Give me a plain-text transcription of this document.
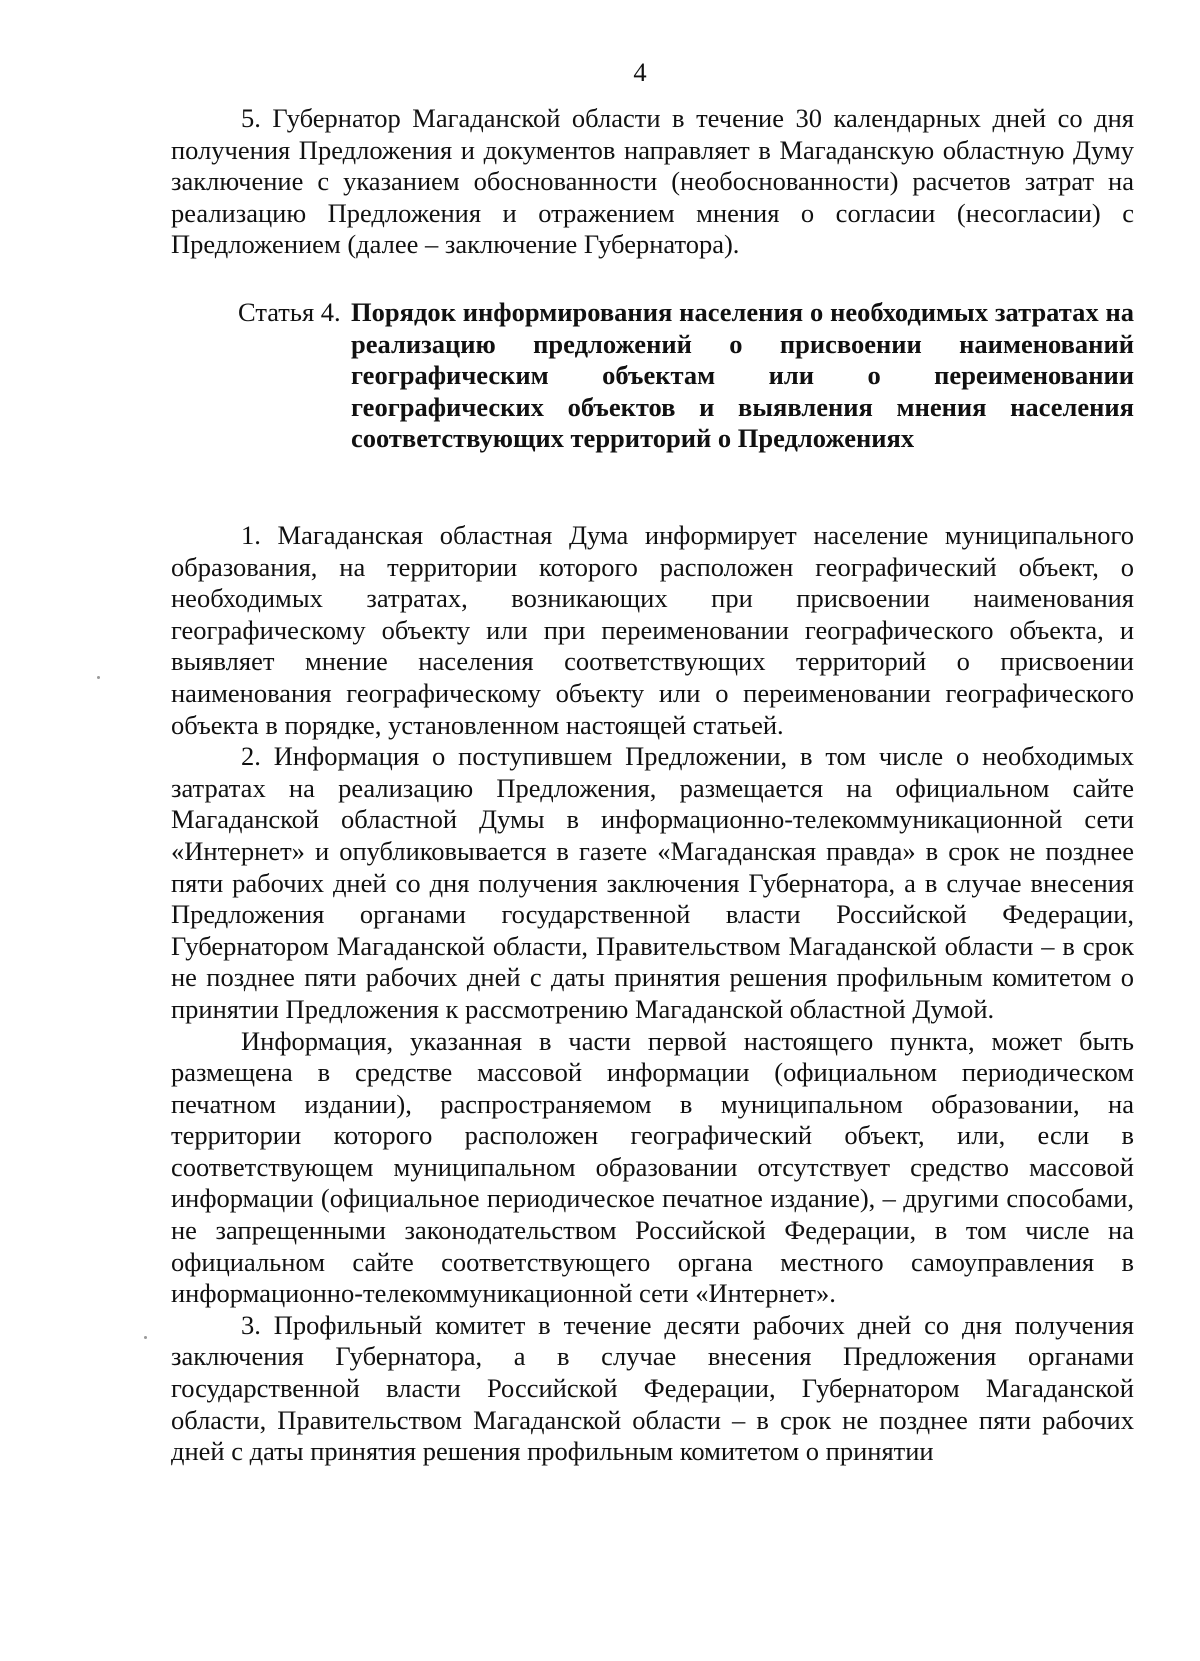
4

5. Губернатор Магаданской области в течение 30 календарных дней со дня получения Предложения и документов направляет в Магаданскую областную Думу заключение с указанием обоснованности (необоснованности) расчетов затрат на реализацию Предложения и отражением мнения о согласии (несогласии) с Предложением (далее – заключение Губернатора).

Статья 4. Порядок информирования населения о необходимых затратах на реализацию предложений о присвоении наименований географическим объектам или о переименовании географических объектов и выявления мнения населения соответствующих территорий о Предложениях

1. Магаданская областная Дума информирует население муниципального образования, на территории которого расположен географический объект, о необходимых затратах, возникающих при присвоении наименования географическому объекту или при переименовании географического объекта, и выявляет мнение населения соответствующих территорий о присвоении наименования географическому объекту или о переименовании географического объекта в порядке, установленном настоящей статьей.

2. Информация о поступившем Предложении, в том числе о необходимых затратах на реализацию Предложения, размещается на официальном сайте Магаданской областной Думы в информационно-телекоммуникационной сети «Интернет» и опубликовывается в газете «Магаданская правда» в срок не позднее пяти рабочих дней со дня получения заключения Губернатора, а в случае внесения Предложения органами государственной власти Российской Федерации, Губернатором Магаданской области, Правительством Магаданской области – в срок не позднее пяти рабочих дней с даты принятия решения профильным комитетом о принятии Предложения к рассмотрению Магаданской областной Думой.

Информация, указанная в части первой настоящего пункта, может быть размещена в средстве массовой информации (официальном периодическом печатном издании), распространяемом в муниципальном образовании, на территории которого расположен географический объект, или, если в соответствующем муниципальном образовании отсутствует средство массовой информации (официальное периодическое печатное издание), – другими способами, не запрещенными законодательством Российской Федерации, в том числе на официальном сайте соответствующего органа местного самоуправления в информационно-телекоммуникационной сети «Интернет».

3. Профильный комитет в течение десяти рабочих дней со дня получения заключения Губернатора, а в случае внесения Предложения органами государственной власти Российской Федерации, Губернатором Магаданской области, Правительством Магаданской области – в срок не позднее пяти рабочих дней с даты принятия решения профильным комитетом о принятии
